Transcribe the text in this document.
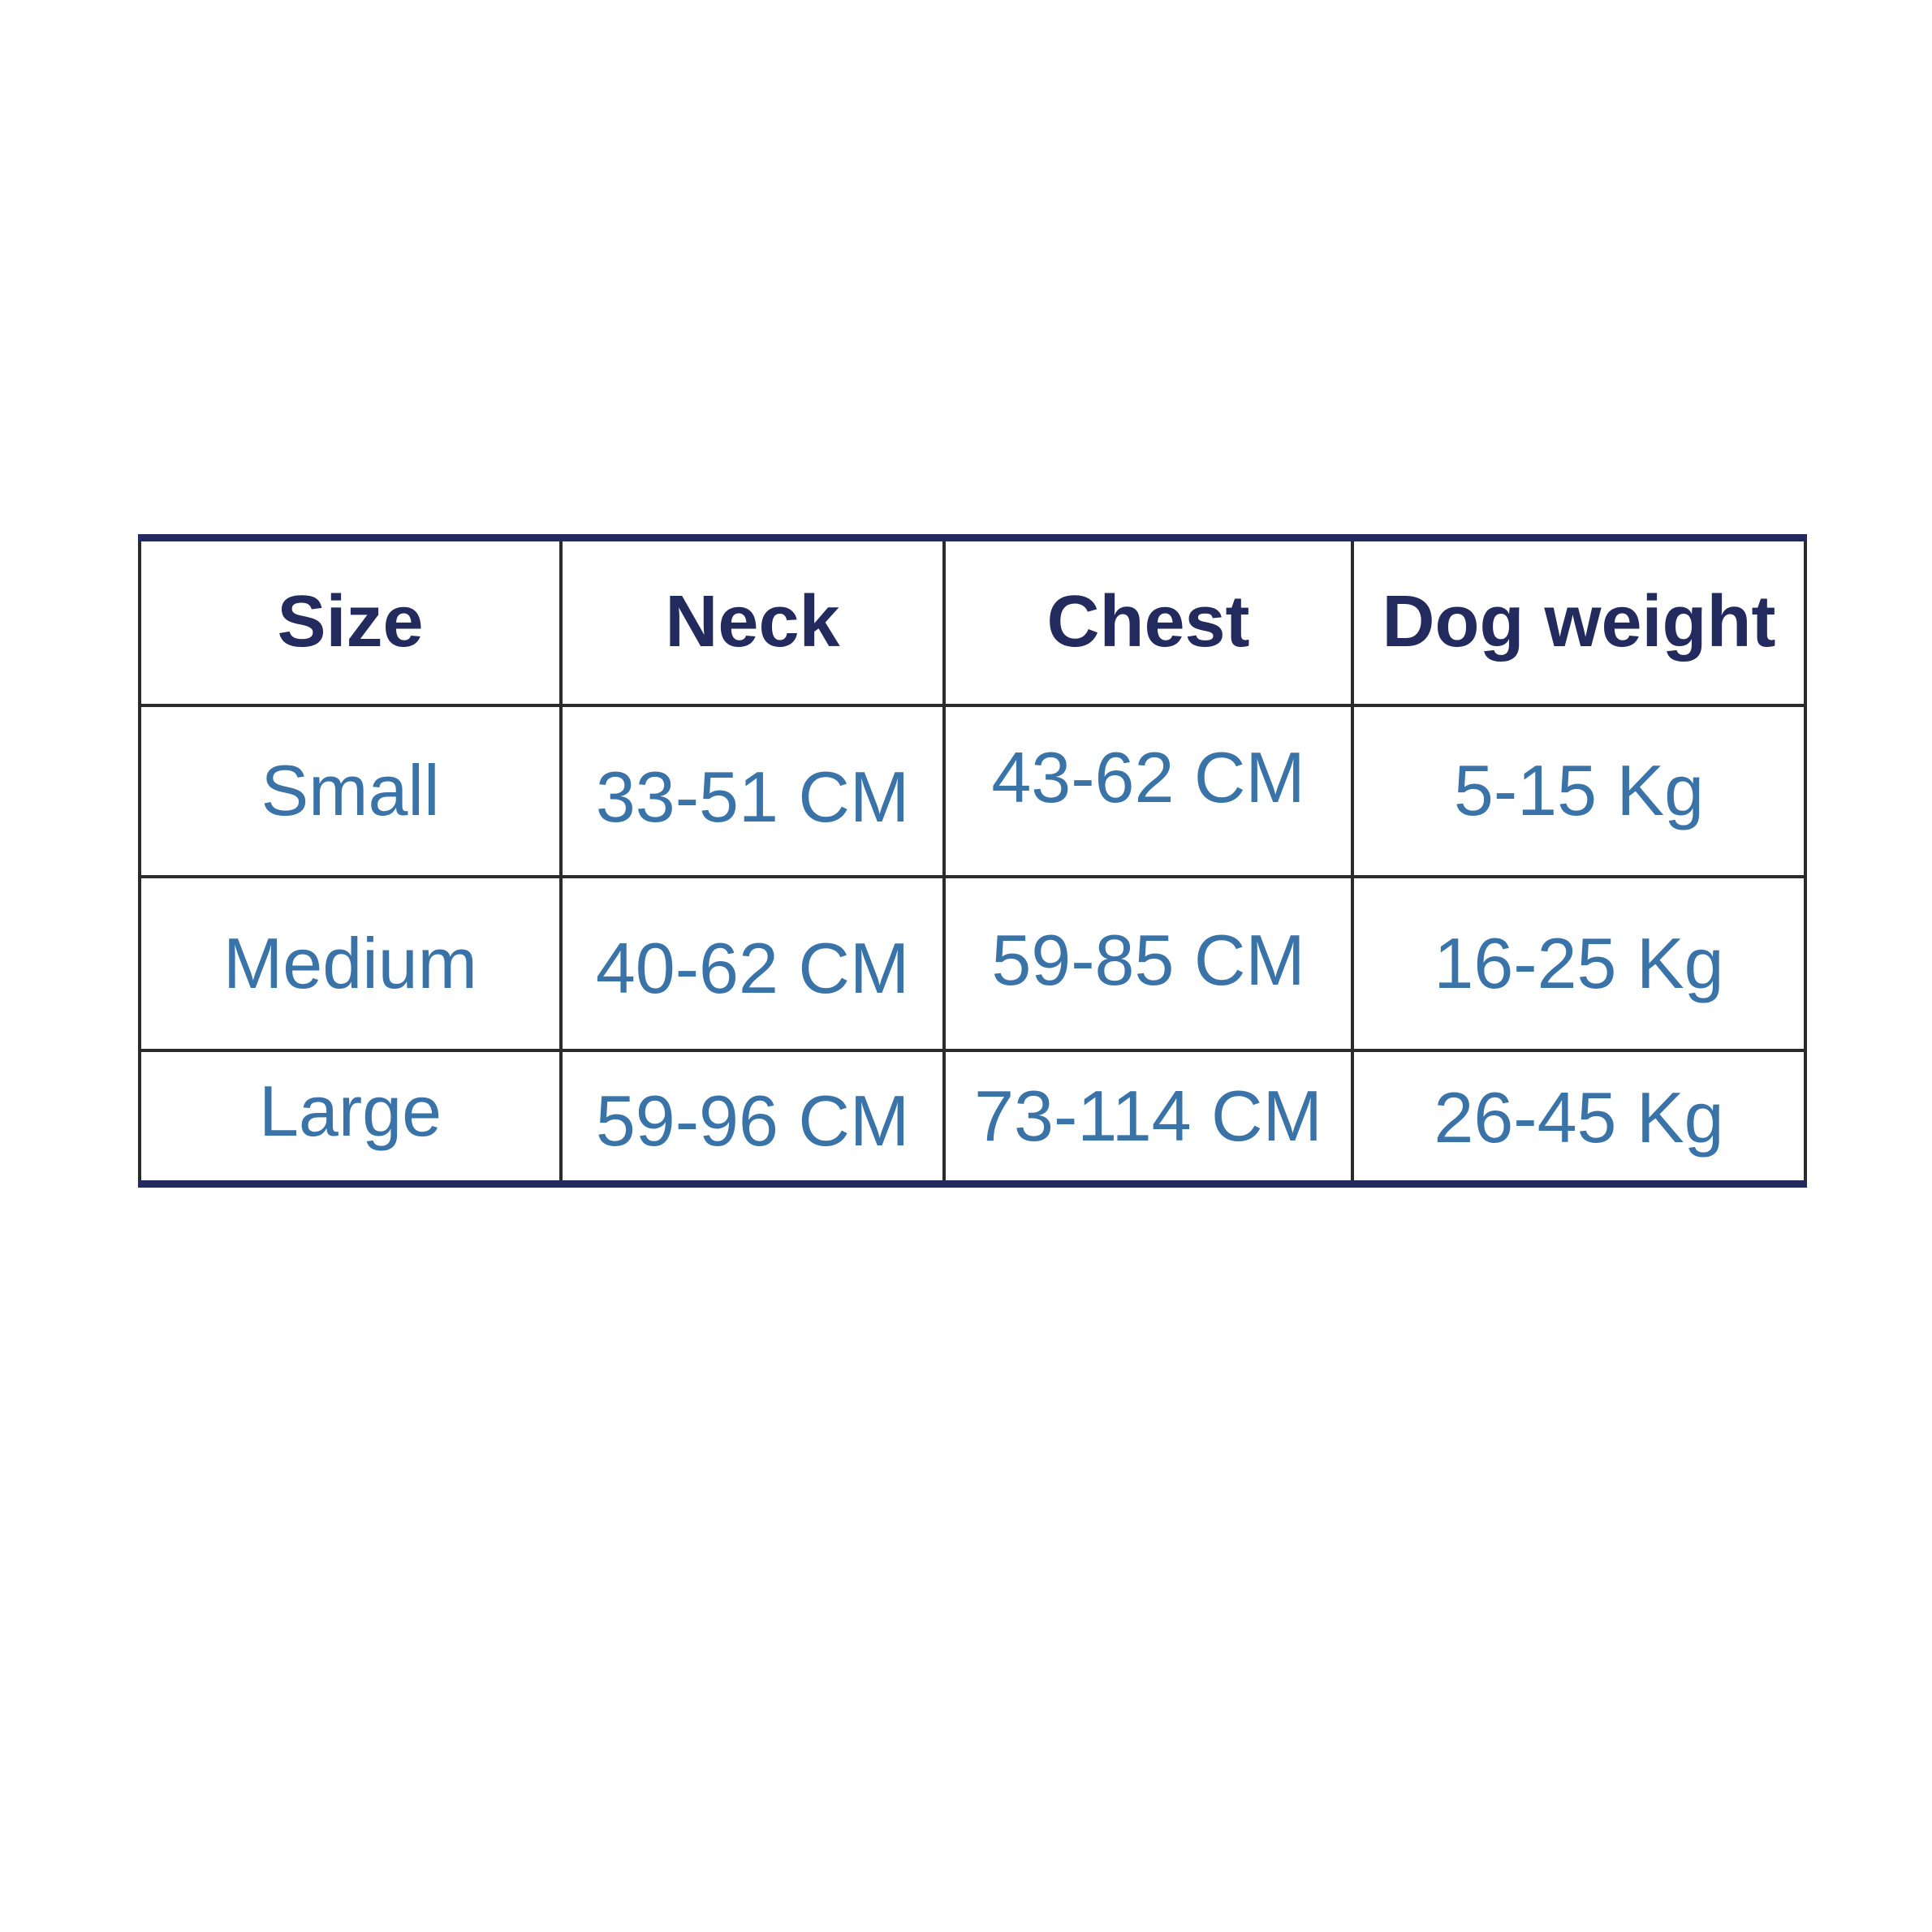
Size	Neck	Chest	Dog weight
Small	33-51 CM	43-62 CM	5-15 Kg
Medium	40-62 CM	59-85 CM	16-25 Kg
Large	59-96 CM	73-114 CM	26-45 Kg
